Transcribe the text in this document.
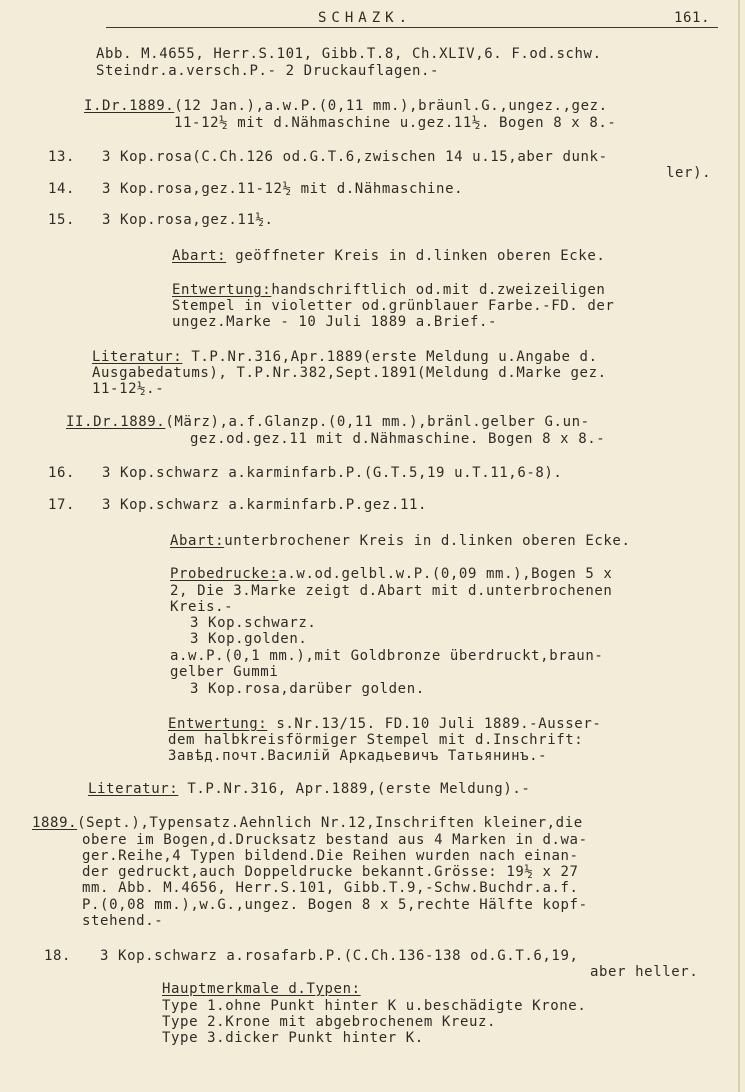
SCHAZK.	161.
Abb. M.4655, Herr.S.101, Gibb.T.8, Ch.XLIV,6. F.od.schw.
Steindr.a.versch.P.- 2 Druckauflagen.-
I.Dr.1889.(12 Jan.),a.w.P.(0,11 mm.),bräunl.G.,ungez.,gez.
11-12½ mit d.Nähmaschine u.gez.11½. Bogen 8 x 8.-
13. 3 Kop.rosa(C.Ch.126 od.G.T.6,zwischen 14 u.15,aber dunk-
ler).
14. 3 Kop.rosa,gez.11-12½ mit d.Nähmaschine.
15. 3 Kop.rosa,gez.11½.
Abart: geöffneter Kreis in d.linken oberen Ecke.
Entwertung:handschriftlich od.mit d.zweizeiligen
Stempel in violetter od.grünblauer Farbe.-FD. der
ungez.Marke - 10 Juli 1889 a.Brief.-
Literatur: T.P.Nr.316,Apr.1889(erste Meldung u.Angabe d.
Ausgabedatums), T.P.Nr.382,Sept.1891(Meldung d.Marke gez.
11-12½.-
II.Dr.1889.(März),a.f.Glanzp.(0,11 mm.),bränl.gelber G.un-
gez.od.gez.11 mit d.Nähmaschine. Bogen 8 x 8.-
16. 3 Kop.schwarz a.karminfarb.P.(G.T.5,19 u.T.11,6-8).
17. 3 Kop.schwarz a.karminfarb.P.gez.11.
Abart:unterbrochener Kreis in d.linken oberen Ecke.
Probedrucke:a.w.od.gelbl.w.P.(0,09 mm.),Bogen 5 x
2, Die 3.Marke zeigt d.Abart mit d.unterbrochenen
Kreis.-
3 Kop.schwarz.
3 Kop.golden.
a.w.P.(0,1 mm.),mit Goldbronze überdruckt,braun-
gelber Gummi
3 Kop.rosa,darüber golden.
Entwertung: s.Nr.13/15. FD.10 Juli 1889.-Ausser-
dem halbkreisförmiger Stempel mit d.Inschrift:
Завѣд.почт.Василій Аркадьевичъ Татьянинъ.-
Literatur: T.P.Nr.316, Apr.1889,(erste Meldung).-
1889.(Sept.),Typensatz.Aehnlich Nr.12,Inschriften kleiner,die
obere im Bogen,d.Drucksatz bestand aus 4 Marken in d.wa-
ger.Reihe,4 Typen bildend.Die Reihen wurden nach einan-
der gedruckt,auch Doppeldrucke bekannt.Grösse: 19½ x 27
mm. Abb. M.4656, Herr.S.101, Gibb.T.9,-Schw.Buchdr.a.f.
P.(0,08 mm.),w.G.,ungez. Bogen 8 x 5,rechte Hälfte kopf-
stehend.-
18. 3 Kop.schwarz a.rosafarb.P.(C.Ch.136-138 od.G.T.6,19,
aber heller.
Hauptmerkmale d.Typen:
Type 1.ohne Punkt hinter K u.beschädigte Krone.
Type 2.Krone mit abgebrochenem Kreuz.
Type 3.dicker Punkt hinter K.
